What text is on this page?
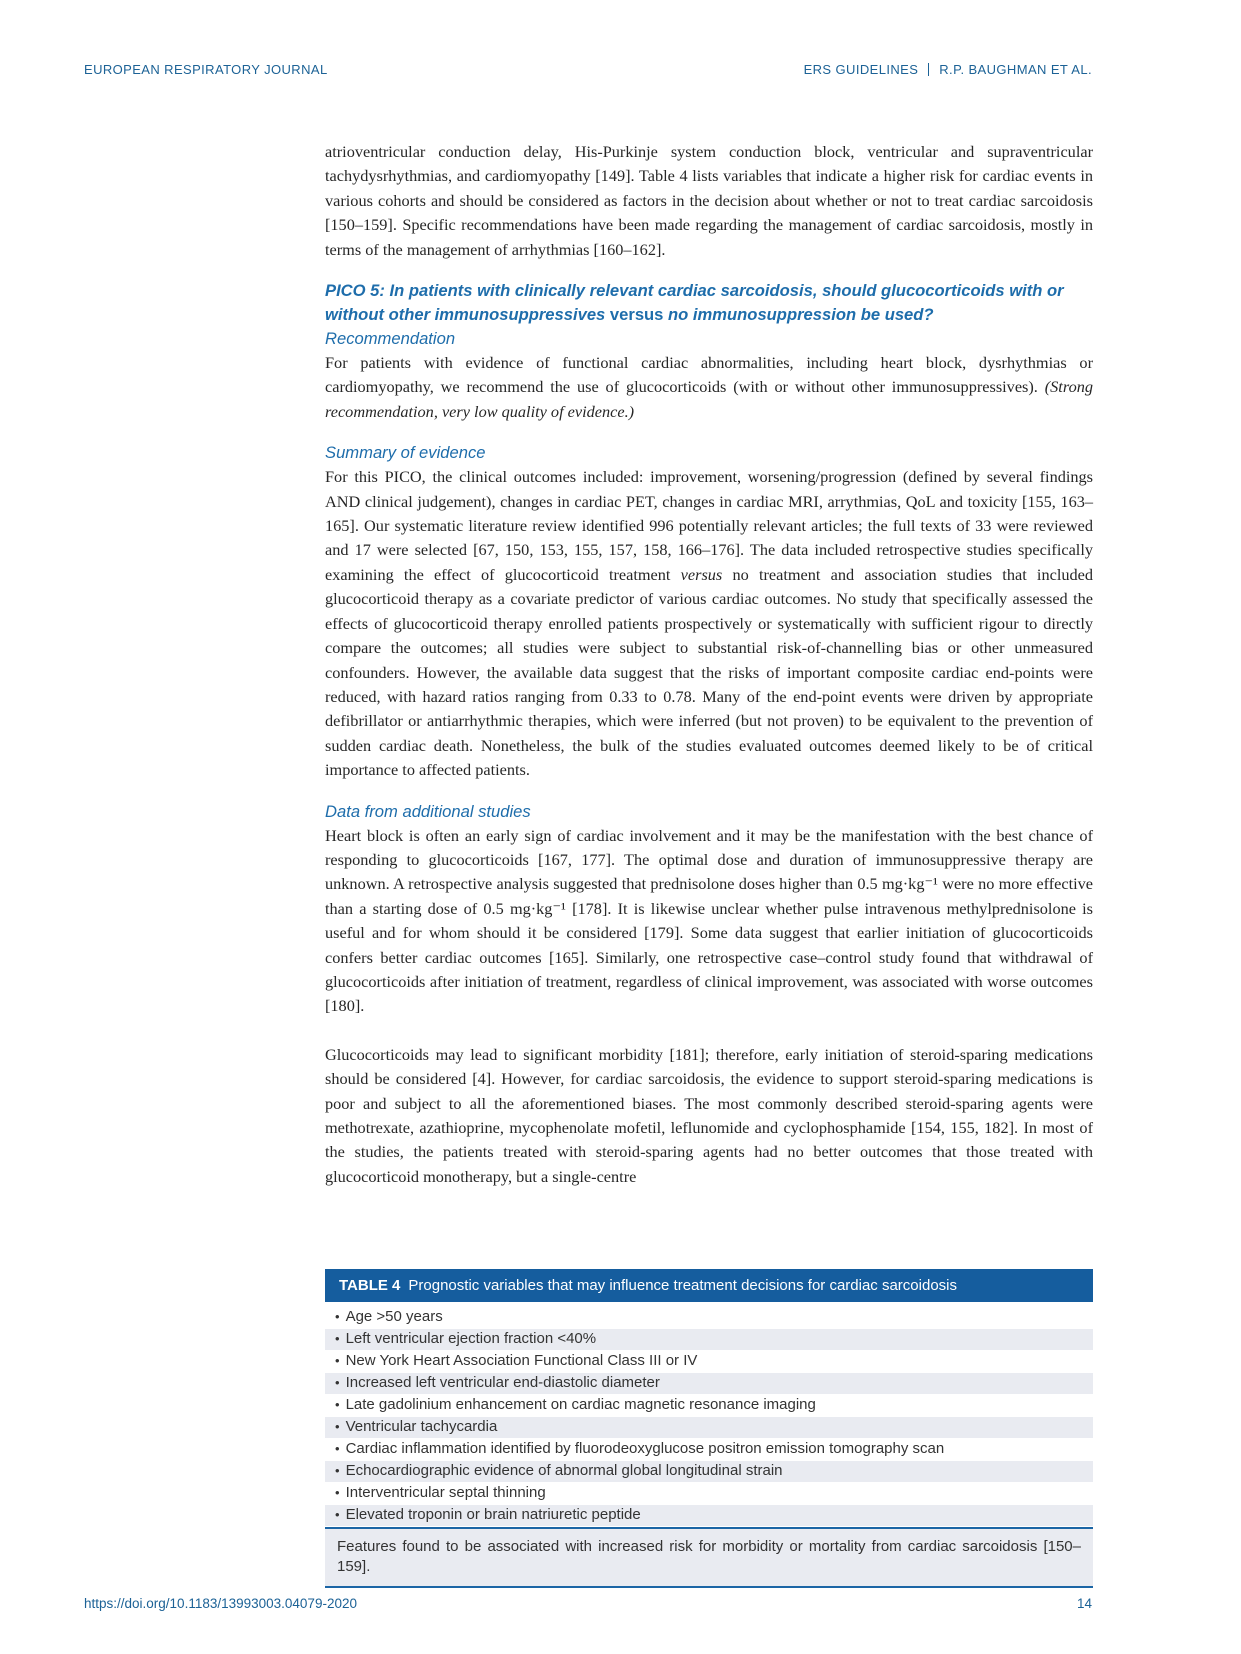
EUROPEAN RESPIRATORY JOURNAL	ERS GUIDELINES R.P. BAUGHMAN ET AL.

atrioventricular conduction delay, His-Purkinje system conduction block, ventricular and supraventricular tachydysrhythmias, and cardiomyopathy [149]. Table 4 lists variables that indicate a higher risk for cardiac events in various cohorts and should be considered as factors in the decision about whether or not to treat cardiac sarcoidosis [150–159]. Specific recommendations have been made regarding the management of cardiac sarcoidosis, mostly in terms of the management of arrhythmias [160–162].

PICO 5: In patients with clinically relevant cardiac sarcoidosis, should glucocorticoids with or without other immunosuppressives versus no immunosuppression be used?
Recommendation

For patients with evidence of functional cardiac abnormalities, including heart block, dysrhythmias or cardiomyopathy, we recommend the use of glucocorticoids (with or without other immunosuppressives). (Strong recommendation, very low quality of evidence.)

Summary of evidence

For this PICO, the clinical outcomes included: improvement, worsening/progression (defined by several findings AND clinical judgement), changes in cardiac PET, changes in cardiac MRI, arrythmias, QoL and toxicity [155, 163–165]. Our systematic literature review identified 996 potentially relevant articles; the full texts of 33 were reviewed and 17 were selected [67, 150, 153, 155, 157, 158, 166–176]. The data included retrospective studies specifically examining the effect of glucocorticoid treatment versus no treatment and association studies that included glucocorticoid therapy as a covariate predictor of various cardiac outcomes. No study that specifically assessed the effects of glucocorticoid therapy enrolled patients prospectively or systematically with sufficient rigour to directly compare the outcomes; all studies were subject to substantial risk-of-channelling bias or other unmeasured confounders. However, the available data suggest that the risks of important composite cardiac end-points were reduced, with hazard ratios ranging from 0.33 to 0.78. Many of the end-point events were driven by appropriate defibrillator or antiarrhythmic therapies, which were inferred (but not proven) to be equivalent to the prevention of sudden cardiac death. Nonetheless, the bulk of the studies evaluated outcomes deemed likely to be of critical importance to affected patients.

Data from additional studies

Heart block is often an early sign of cardiac involvement and it may be the manifestation with the best chance of responding to glucocorticoids [167, 177]. The optimal dose and duration of immunosuppressive therapy are unknown. A retrospective analysis suggested that prednisolone doses higher than 0.5 mg·kg⁻¹ were no more effective than a starting dose of 0.5 mg·kg⁻¹ [178]. It is likewise unclear whether pulse intravenous methylprednisolone is useful and for whom should it be considered [179]. Some data suggest that earlier initiation of glucocorticoids confers better cardiac outcomes [165]. Similarly, one retrospective case–control study found that withdrawal of glucocorticoids after initiation of treatment, regardless of clinical improvement, was associated with worse outcomes [180].

Glucocorticoids may lead to significant morbidity [181]; therefore, early initiation of steroid-sparing medications should be considered [4]. However, for cardiac sarcoidosis, the evidence to support steroid-sparing medications is poor and subject to all the aforementioned biases. The most commonly described steroid-sparing agents were methotrexate, azathioprine, mycophenolate mofetil, leflunomide and cyclophosphamide [154, 155, 182]. In most of the studies, the patients treated with steroid-sparing agents had no better outcomes that those treated with glucocorticoid monotherapy, but a single-centre

TABLE 4 Prognostic variables that may influence treatment decisions for cardiac sarcoidosis
• Age >50 years
• Left ventricular ejection fraction <40%
• New York Heart Association Functional Class III or IV
• Increased left ventricular end-diastolic diameter
• Late gadolinium enhancement on cardiac magnetic resonance imaging
• Ventricular tachycardia
• Cardiac inflammation identified by fluorodeoxyglucose positron emission tomography scan
• Echocardiographic evidence of abnormal global longitudinal strain
• Interventricular septal thinning
• Elevated troponin or brain natriuretic peptide
Features found to be associated with increased risk for morbidity or mortality from cardiac sarcoidosis [150–159].
https://doi.org/10.1183/13993003.04079-2020	14
